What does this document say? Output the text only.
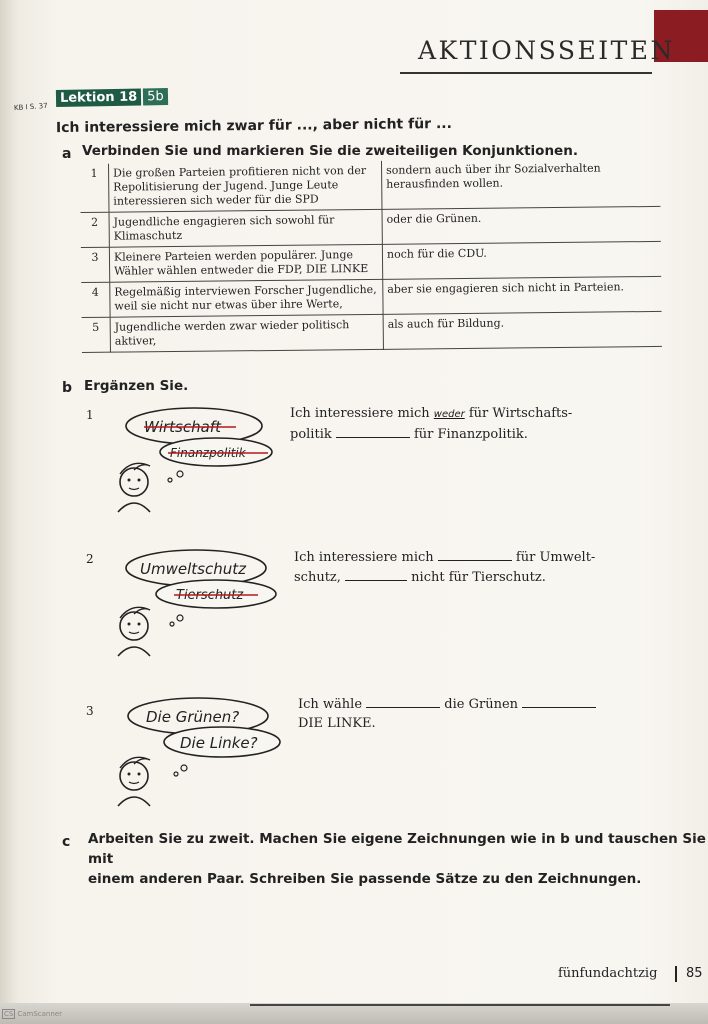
AKTIONSSEITEN
KB I S. 37
Lektion 18 5b
Ich interessiere mich zwar für ..., aber nicht für ...
a Verbinden Sie und markieren Sie die zweiteiligen Konjunktionen.
1	Die großen Parteien profitieren nicht von der Repolitisierung der Jugend. Junge Leute interessieren sich weder für die SPD	sondern auch über ihr Sozialverhalten herausfinden wollen.
2	Jugendliche engagieren sich sowohl für Klimaschutz	oder die Grünen.
3	Kleinere Parteien werden populärer. Junge Wähler wählen entweder die FDP, DIE LINKE	noch für die CDU.
4	Regelmäßig interviewen Forscher Jugendliche, weil sie nicht nur etwas über ihre Werte,	aber sie engagieren sich nicht in Parteien.
5	Jugendliche werden zwar wieder politisch aktiver,	als auch für Bildung.
b Ergänzen Sie.
1
Wirtschaft
Finanzpolitik
Ich interessiere mich weder für Wirtschafts-
politik	für Finanzpolitik.
2
Umweltschutz
Tierschutz
Ich interessiere mich	für Umwelt-
schutz,	nicht für Tierschutz.
3	Die Grünen?
Die Linke?
Ich wähle	die Grünen
DIE LINKE.
c Arbeiten Sie zu zweit. Machen Sie eigene Zeichnungen wie in b und tauschen Sie mit
einem anderen Paar. Schreiben Sie passende Sätze zu den Zeichnungen.
fünfundachtzig 85
CS CamScanner
